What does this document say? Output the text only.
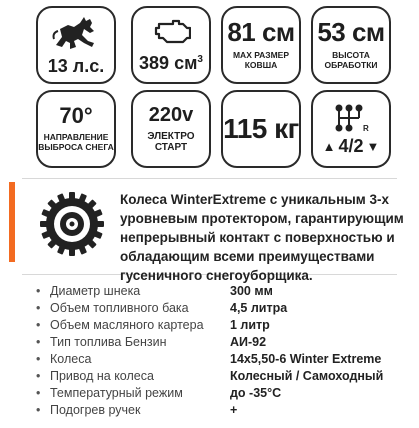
13 л.с. 389 $см^3$
81 см
МАХ РАЗМЕР КОВША
53 см
ВЫСОТА ОБРАБОТКИ
70°
НАПРАВЛЕНИЕ ВЫБРОСА СНЕГА
220v
ЭЛЕКТРО СТАРТ
115 кг	R
▲ 4/2 ▼
Колеса WinterExtreme с уникальным 3-х уровневым протектором, гарантирующим непрерывный контакт с поверхностью и обладающим всеми преимуществами гусеничного снегоуборщика.
• Диаметр шнека	300 мм
• Объем топливного бака	4,5 литра
• Объем масляного картера 1 литр
• Тип топлива Бензин	АИ-92
• Колеса	14x5,50-6 Winter Extreme
• Привод на колеса	Колесный / Самоходный
• Температурный режим	до -35°C
• Подогрев ручек	+
